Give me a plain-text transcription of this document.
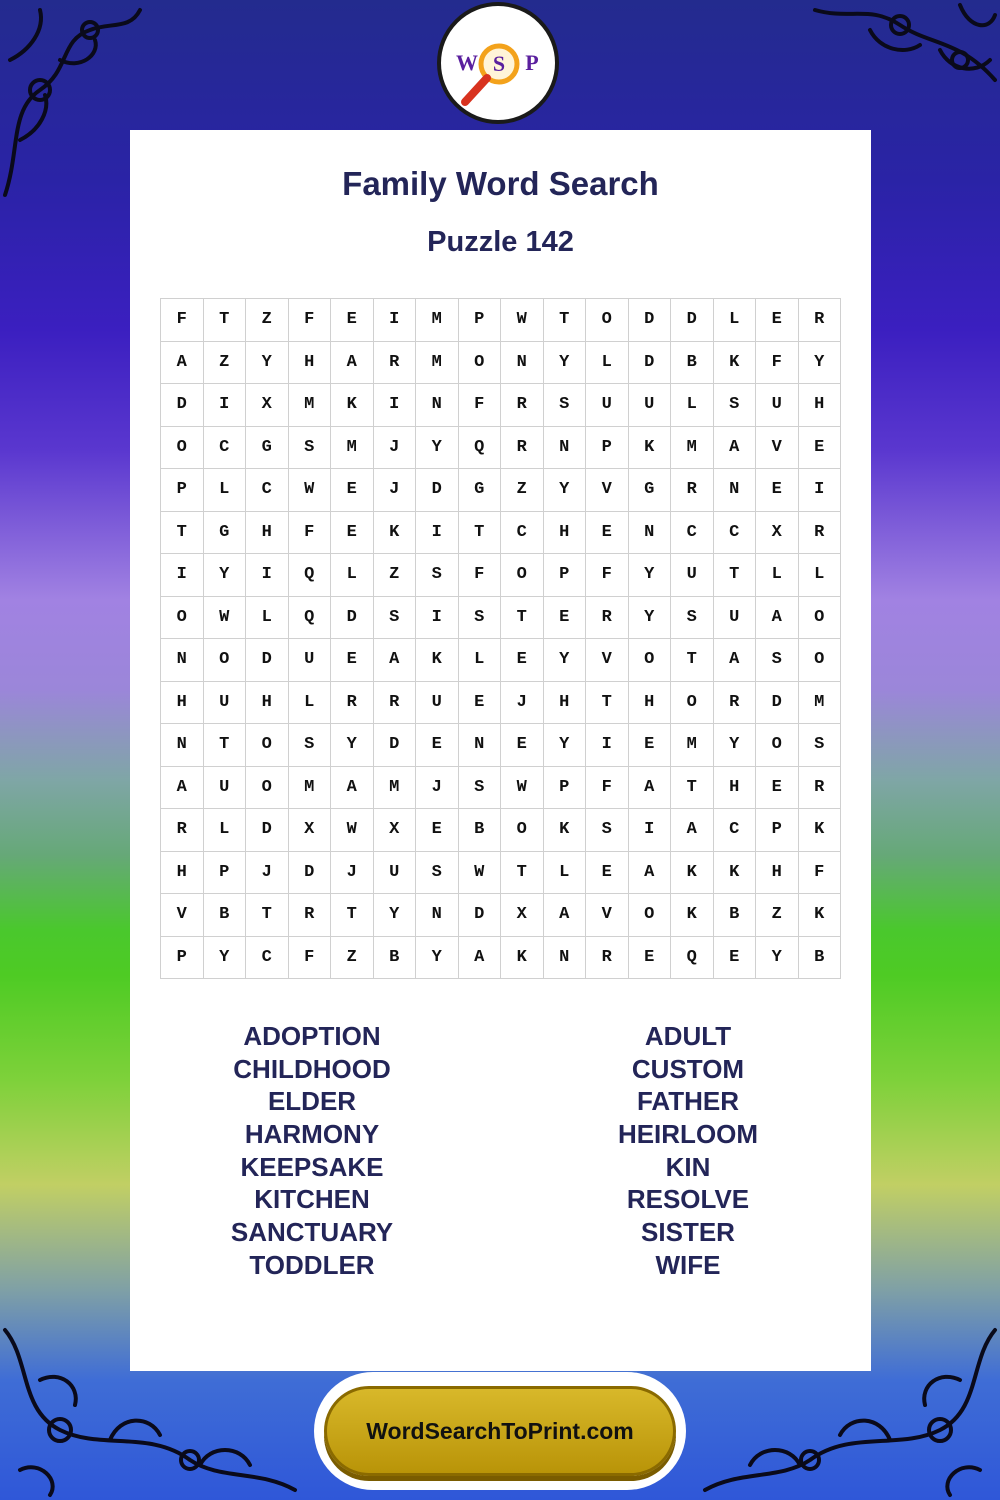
W S P
Family Word Search
Puzzle 142
F	T	Z	F	E	I	M	P	W	T	O	D	D	L	E	R
A	Z	Y	H	A	R	M	O	N	Y	L	D	B	K	F	Y
D	I	X	M	K	I	N	F	R	S	U	U	L	S	U	H
O	C	G	S	M	J	Y	Q	R	N	P	K	M	A	V	E
P	L	C	W	E	J	D	G	Z	Y	V	G	R	N	E	I
T	G	H	F	E	K	I	T	C	H	E	N	C	C	X	R
I	Y	I	Q	L	Z	S	F	O	P	F	Y	U	T	L	L
O	W	L	Q	D	S	I	S	T	E	R	Y	S	U	A	O
N	O	D	U	E	A	K	L	E	Y	V	O	T	A	S	O
H	U	H	L	R	R	U	E	J	H	T	H	O	R	D	M
N	T	O	S	Y	D	E	N	E	Y	I	E	M	Y	O	S
A	U	O	M	A	M	J	S	W	P	F	A	T	H	E	R
R	L	D	X	W	X	E	B	O	K	S	I	A	C	P	K
H	P	J	D	J	U	S	W	T	L	E	A	K	K	H	F
V	B	T	R	T	Y	N	D	X	A	V	O	K	B	Z	K
P	Y	C	F	Z	B	Y	A	K	N	R	E	Q	E	Y	B
ADOPTION
CHILDHOOD
ELDER
HARMONY
KEEPSAKE
KITCHEN
SANCTUARY
TODDLER
ADULT
CUSTOM
FATHER
HEIRLOOM
KIN
RESOLVE
SISTER
WIFE
WordSearchToPrint.com
